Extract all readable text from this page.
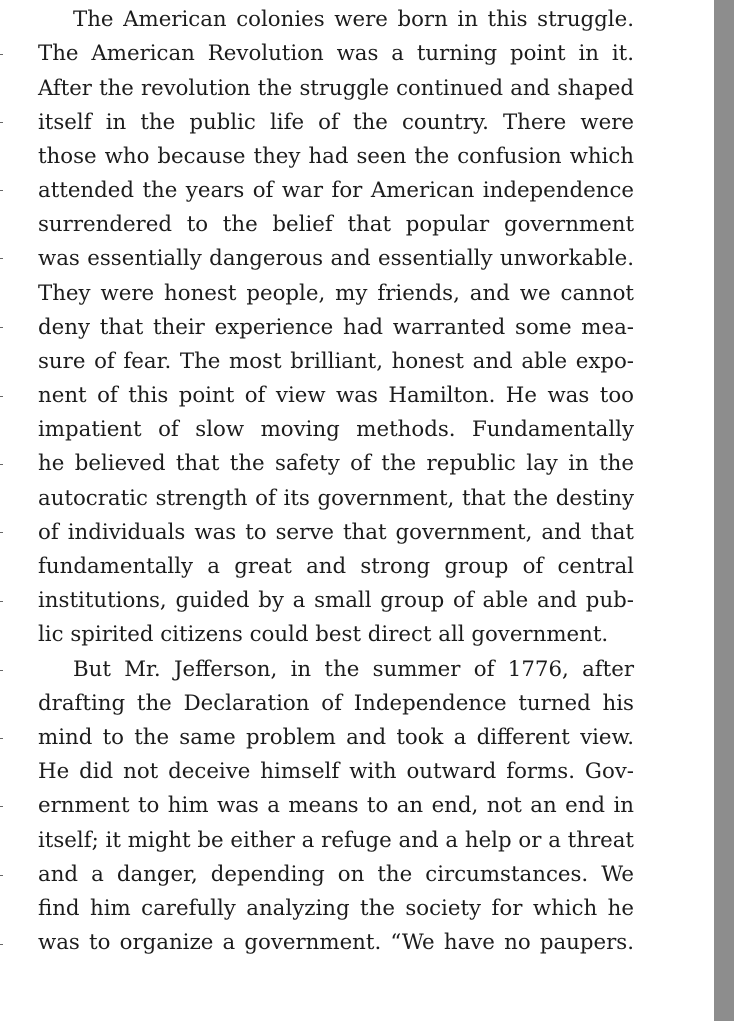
The American colonies were born in this struggle.
The American Revolution was a turning point in it.
After the revolution the struggle continued and shaped
itself in the public life of the country. There were
those who because they had seen the confusion which
attended the years of war for American independence
surrendered to the belief that popular government
was essentially dangerous and essentially unworkable.
They were honest people, my friends, and we cannot
deny that their experience had warranted some mea-
sure of fear. The most brilliant, honest and able expo-
nent of this point of view was Hamilton. He was too
impatient of slow moving methods. Fundamentally
he believed that the safety of the republic lay in the
autocratic strength of its government, that the destiny
of individuals was to serve that government, and that
fundamentally a great and strong group of central
institutions, guided by a small group of able and pub-
lic spirited citizens could best direct all government.
But Mr. Jefferson, in the summer of 1776, after
drafting the Declaration of Independence turned his
mind to the same problem and took a different view.
He did not deceive himself with outward forms. Gov-
ernment to him was a means to an end, not an end in
itself; it might be either a refuge and a help or a threat
and a danger, depending on the circumstances. We
find him carefully analyzing the society for which he
was to organize a government. “We have no paupers.
